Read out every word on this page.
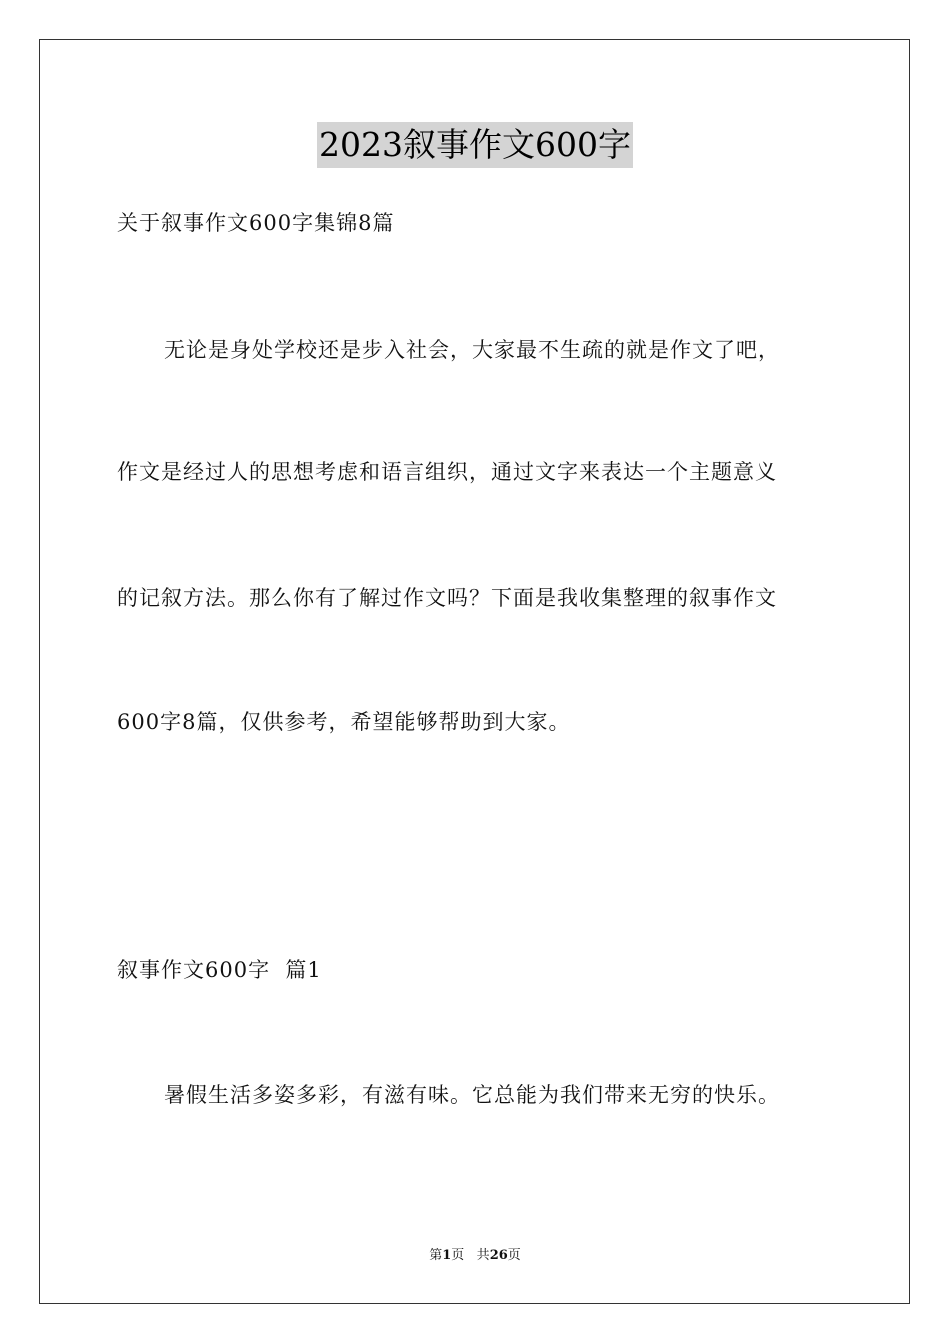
2023叙事作文600字
关于叙事作文600字集锦8篇
无论是身处学校还是步入社会，大家最不生疏的就是作文了吧，
作文是经过人的思想考虑和语言组织，通过文字来表达一个主题意义
的记叙方法。那么你有了解过作文吗？下面是我收集整理的叙事作文
600字8篇，仅供参考，希望能够帮助到大家。
叙事作文600字  篇1
暑假生活多姿多彩，有滋有味。它总能为我们带来无穷的快乐。
第1页 共26页
